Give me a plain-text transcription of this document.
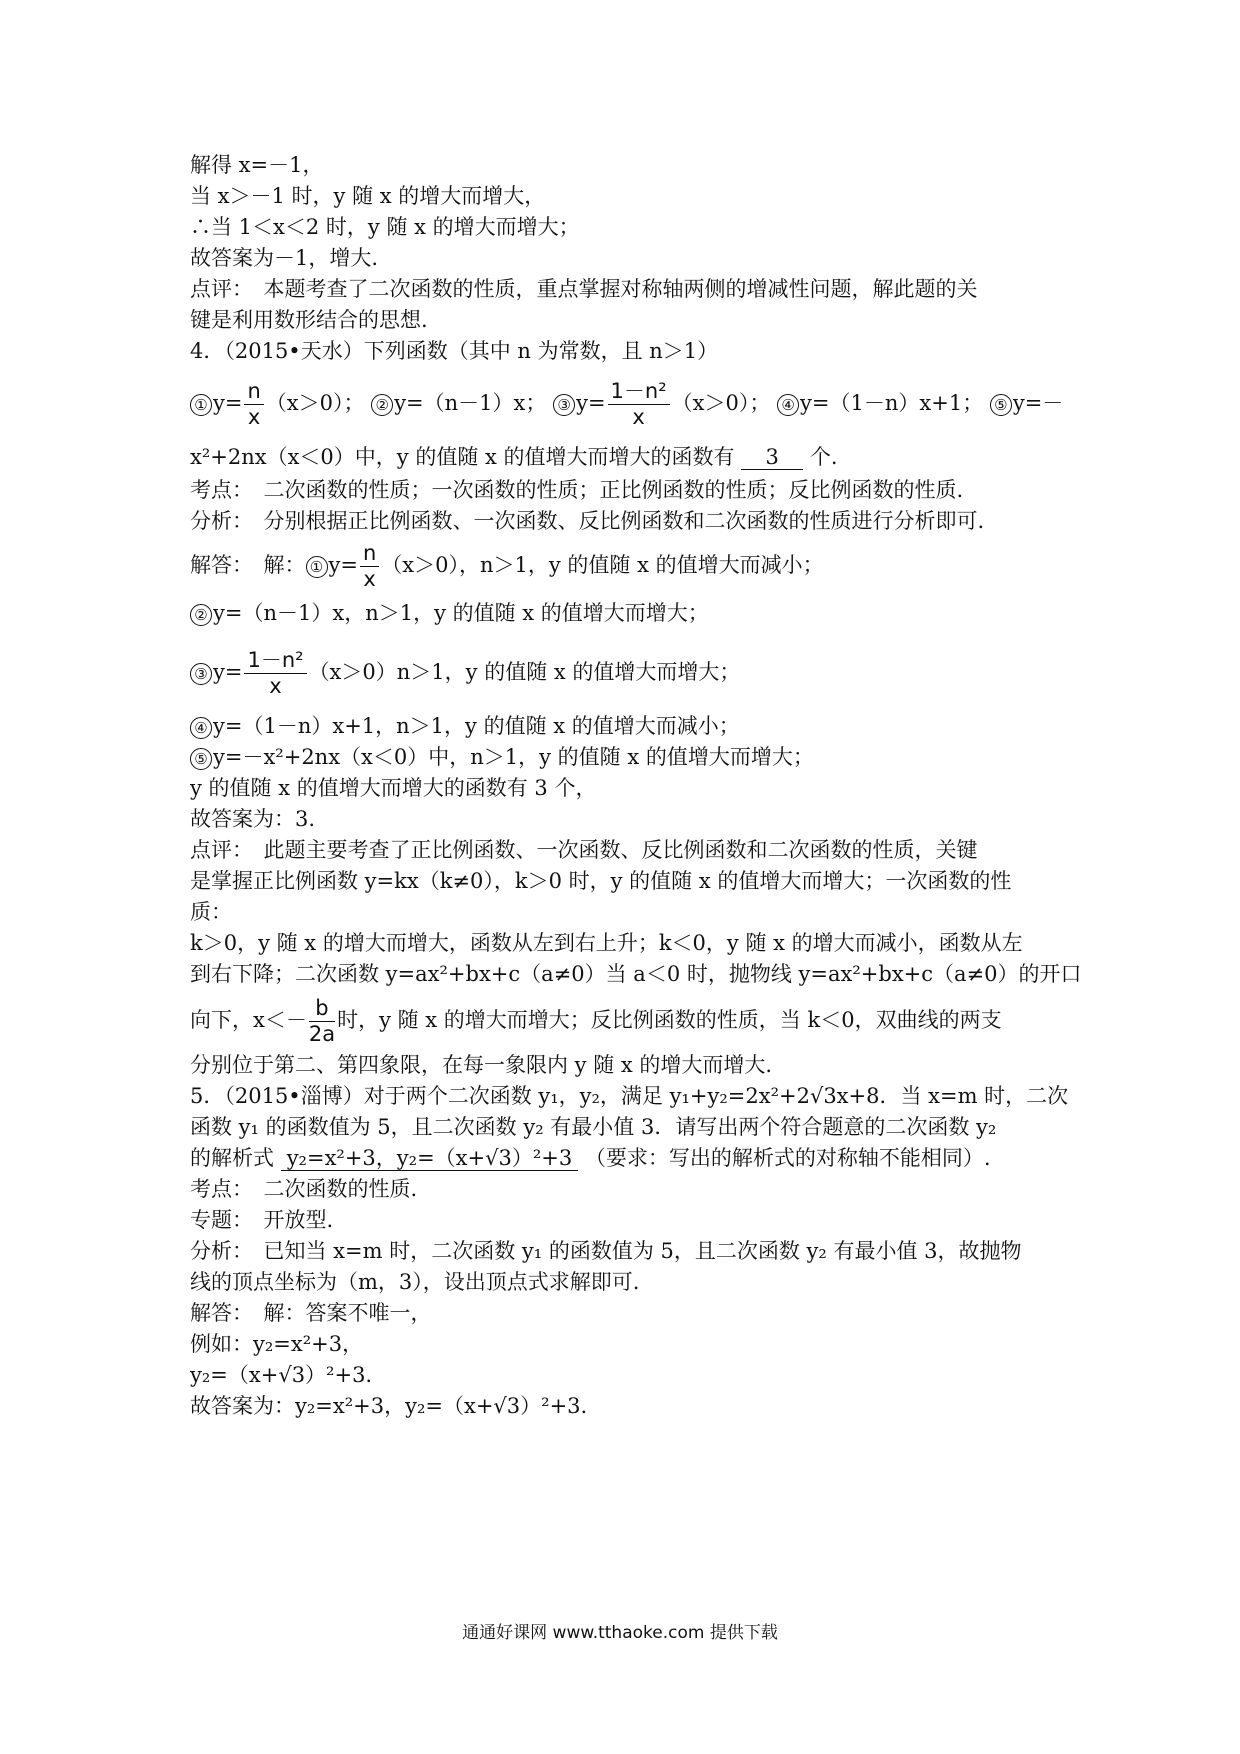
解得 x=－1，
当 x＞－1 时，y 随 x 的增大而增大，
∴当 1＜x＜2 时，y 随 x 的增大而增大；
故答案为－1，增大.
点评：　本题考查了二次函数的性质，重点掌握对称轴两侧的增减性问题，解此题的关
键是利用数形结合的思想.
4．（2015•天水）下列函数（其中 n 为常数，且 n＞1）
① $y= \frac{n}{x} (x>0)$； ② y=（n－1）x； ③ $y= \frac{\text{1－n²}}{x} (x>0)$； ④ y=（1－n）x+1； ⑤ y=－
x²+2nx（x＜0）中，y 的值随 x 的值增大而增大的函数有 3 个.
考点：　二次函数的性质；一次函数的性质；正比例函数的性质；反比例函数的性质.
分析：　分别根据正比例函数、一次函数、反比例函数和二次函数的性质进行分析即可.
解答：　解： ① $y= \frac{n}{x} (x>0)$，n＞1，y 的值随 x 的值增大而减小；
② y=（n－1）x，n＞1，y 的值随 x 的值增大而增大；
③ $y= \frac{\text{1－n²}}{x} (x>0)n>1$，y 的值随 x 的值增大而增大；
④ y=（1－n）x+1，n＞1，y 的值随 x 的值增大而减小；
⑤ y=－x²+2nx（x＜0）中，n＞1，y 的值随 x 的值增大而增大；
y 的值随 x 的值增大而增大的函数有 3 个，
故答案为：3.
点评：　此题主要考查了正比例函数、一次函数、反比例函数和二次函数的性质，关键
是掌握正比例函数 y=kx（k≠0），k＞0 时，y 的值随 x 的值增大而增大；一次函数的性
质：
k＞0，y 随 x 的增大而增大，函数从左到右上升；k＜0，y 随 x 的增大而减小，函数从左
到右下降；二次函数 y=ax²+bx+c（a≠0）当 a＜0 时，抛物线 y=ax²+bx+c（a≠0）的开口
向下，$x<- \frac{b}{2a}$ 时，y 随 x 的增大而增大；反比例函数的性质，当 k＜0，双曲线的两支
分别位于第二、第四象限，在每一象限内 y 随 x 的增大而增大.
5．（2015•淄博）对于两个二次函数 y₁，y₂，满足 y₁+y₂=2x²+2√3x+8．当 x=m 时，二次
函数 y₁ 的函数值为 5，且二次函数 y₂ 有最小值 3．请写出两个符合题意的二次函数 y₂
的解析式 y₂=x²+3，y₂=（x+√3）²+3 （要求：写出的解析式的对称轴不能相同）.
考点：　二次函数的性质.
专题：　开放型.
分析：　已知当 x=m 时，二次函数 y₁ 的函数值为 5，且二次函数 y₂ 有最小值 3，故抛物
线的顶点坐标为（m，3），设出顶点式求解即可.
解答：　解：答案不唯一，
例如：y₂=x²+3，
y₂=（x+√3）²+3.
故答案为：y₂=x²+3，y₂=（x+√3）²+3.
通通好课网 www.tthaoke.com 提供下载
